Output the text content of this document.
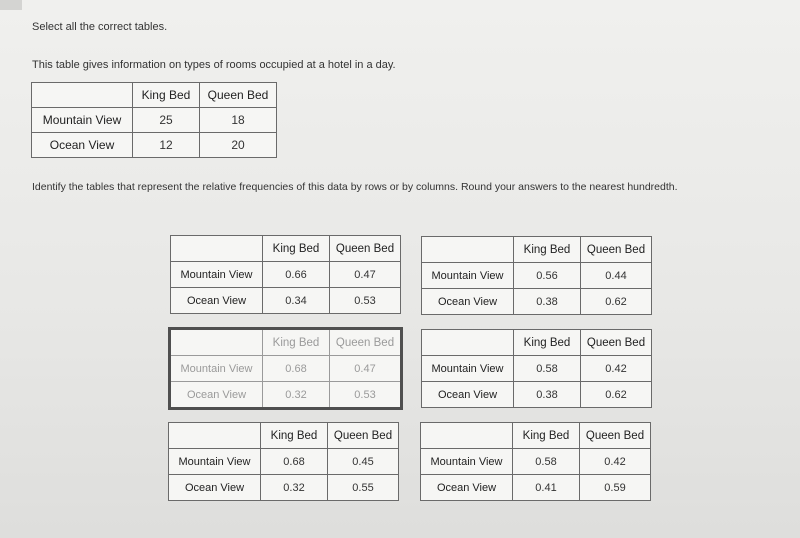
Select all the correct tables.
This table gives information on types of rooms occupied at a hotel in a day.
	King Bed	Queen Bed
Mountain View	25	18
Ocean View	12	20
Identify the tables that represent the relative frequencies of this data by rows or by columns. Round your answers to the nearest hundredth.
	King Bed	Queen Bed
Mountain View	0.66	0.47
Ocean View	0.34	0.53
	King Bed	Queen Bed
Mountain View	0.56	0.44
Ocean View	0.38	0.62
	King Bed	Queen Bed
Mountain View	0.68	0.47
Ocean View	0.32	0.53
	King Bed	Queen Bed
Mountain View	0.58	0.42
Ocean View	0.38	0.62
	King Bed	Queen Bed
Mountain View	0.68	0.45
Ocean View	0.32	0.55
	King Bed	Queen Bed
Mountain View	0.58	0.42
Ocean View	0.41	0.59
